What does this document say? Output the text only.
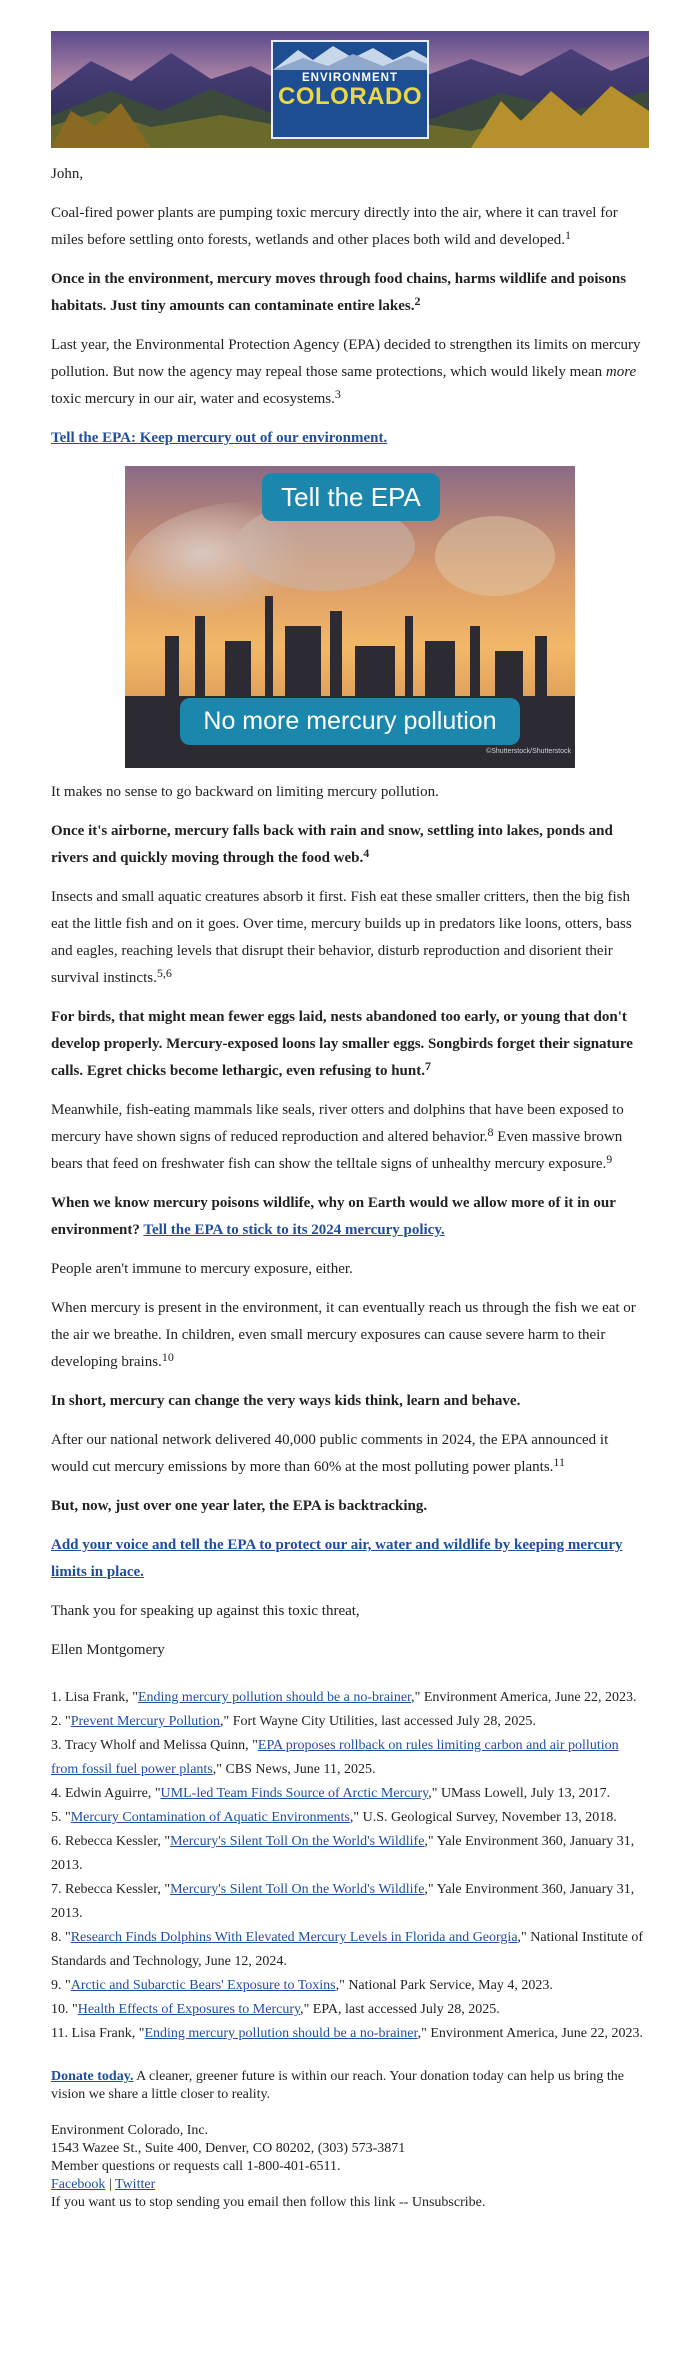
ENVIRONMENT
COLORADO

John,

Coal-fired power plants are pumping toxic mercury directly into the air, where it can travel for miles before settling onto forests, wetlands and other places both wild and developed.$^1$

Once in the environment, mercury moves through food chains, harms wildlife and poisons habitats. Just tiny amounts can contaminate entire lakes.$^2$

Last year, the Environmental Protection Agency (EPA) decided to strengthen its limits on mercury pollution. But now the agency may repeal those same protections, which would likely mean more toxic mercury in our air, water and ecosystems.$^3$

Tell the EPA: Keep mercury out of our environment.

Tell the EPA
No more mercury pollution
©Shutterstock/Shutterstock

It makes no sense to go backward on limiting mercury pollution.

Once it's airborne, mercury falls back with rain and snow, settling into lakes, ponds and rivers and quickly moving through the food web.$^4$

Insects and small aquatic creatures absorb it first. Fish eat these smaller critters, then the big fish eat the little fish and on it goes. Over time, mercury builds up in predators like loons, otters, bass and eagles, reaching levels that disrupt their behavior, disturb reproduction and disorient their survival instincts.$^{5,6}$

For birds, that might mean fewer eggs laid, nests abandoned too early, or young that don't develop properly. Mercury-exposed loons lay smaller eggs. Songbirds forget their signature calls. Egret chicks become lethargic, even refusing to hunt.$^7$

Meanwhile, fish-eating mammals like seals, river otters and dolphins that have been exposed to mercury have shown signs of reduced reproduction and altered behavior.$^8$ Even massive brown bears that feed on freshwater fish can show the telltale signs of unhealthy mercury exposure.$^9$

When we know mercury poisons wildlife, why on Earth would we allow more of it in our environment? Tell the EPA to stick to its 2024 mercury policy.

People aren't immune to mercury exposure, either.

When mercury is present in the environment, it can eventually reach us through the fish we eat or the air we breathe. In children, even small mercury exposures can cause severe harm to their developing brains.$^{10}$

In short, mercury can change the very ways kids think, learn and behave.

After our national network delivered 40,000 public comments in 2024, the EPA announced it would cut mercury emissions by more than 60% at the most polluting power plants.$^{11}$

But, now, just over one year later, the EPA is backtracking.

Add your voice and tell the EPA to protect our air, water and wildlife by keeping mercury limits in place.

Thank you for speaking up against this toxic threat,

Ellen Montgomery

1. Lisa Frank, "Ending mercury pollution should be a no-brainer," Environment America, June 22, 2023.
2. "Prevent Mercury Pollution," Fort Wayne City Utilities, last accessed July 28, 2025.
3. Tracy Wholf and Melissa Quinn, "EPA proposes rollback on rules limiting carbon and air pollution from fossil fuel power plants," CBS News, June 11, 2025.
4. Edwin Aguirre, "UML-led Team Finds Source of Arctic Mercury," UMass Lowell, July 13, 2017.
5. "Mercury Contamination of Aquatic Environments," U.S. Geological Survey, November 13, 2018.
6. Rebecca Kessler, "Mercury's Silent Toll On the World's Wildlife," Yale Environment 360, January 31, 2013.
7. Rebecca Kessler, "Mercury's Silent Toll On the World's Wildlife," Yale Environment 360, January 31, 2013.
8. "Research Finds Dolphins With Elevated Mercury Levels in Florida and Georgia," National Institute of Standards and Technology, June 12, 2024.
9. "Arctic and Subarctic Bears' Exposure to Toxins," National Park Service, May 4, 2023.
10. "Health Effects of Exposures to Mercury," EPA, last accessed July 28, 2025.
11. Lisa Frank, "Ending mercury pollution should be a no-brainer," Environment America, June 22, 2023.
Donate today. A cleaner, greener future is within our reach. Your donation today can help us bring the vision we share a little closer to reality.
Environment Colorado, Inc.
1543 Wazee St., Suite 400, Denver, CO 80202, (303) 573-3871
Member questions or requests call 1-800-401-6511.
Facebook | Twitter
If you want us to stop sending you email then follow this link -- Unsubscribe.
